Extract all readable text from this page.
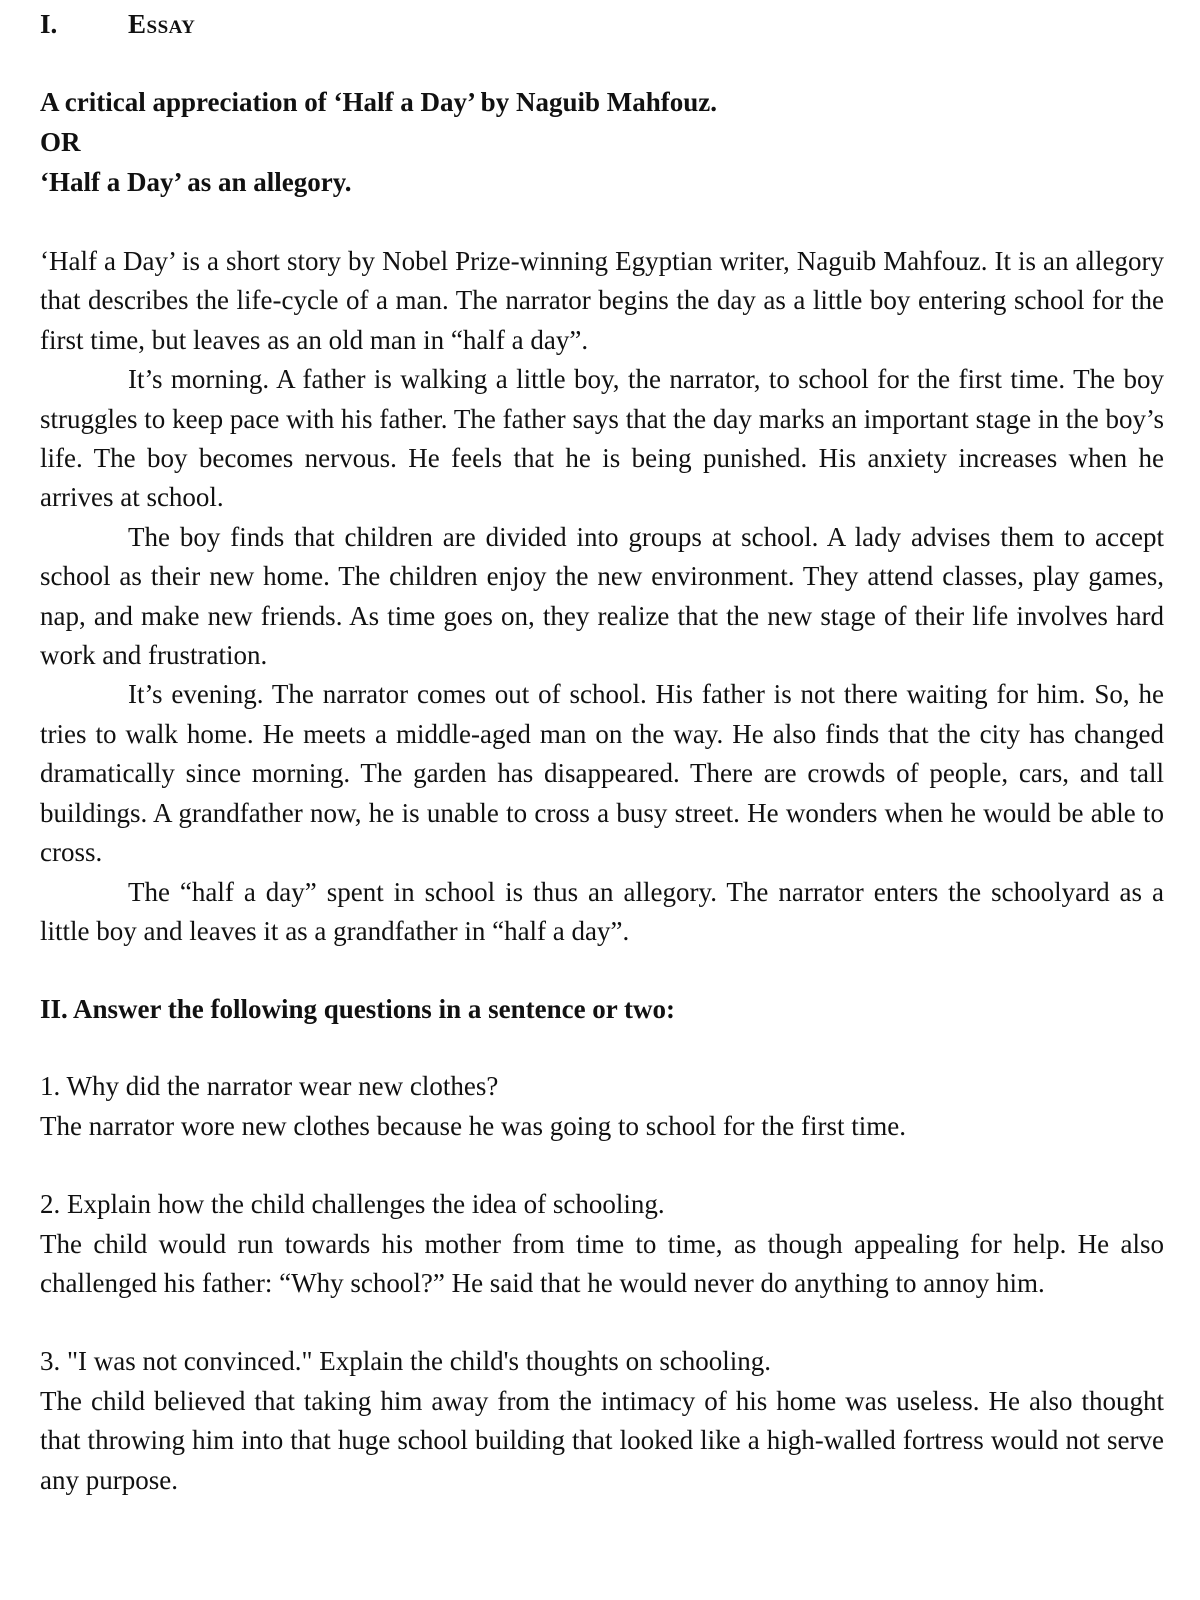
I.	Essay
A critical appreciation of ‘Half a Day’ by Naguib Mahfouz.
OR
‘Half a Day’ as an allegory.

‘Half a Day’ is a short story by Nobel Prize-winning Egyptian writer, Naguib Mahfouz. It is an allegory that describes the life-cycle of a man. The narrator begins the day as a little boy entering school for the first time, but leaves as an old man in “half a day”.

It’s morning. A father is walking a little boy, the narrator, to school for the first time. The boy struggles to keep pace with his father. The father says that the day marks an important stage in the boy’s life. The boy becomes nervous. He feels that he is being punished. His anxiety increases when he arrives at school.

The boy finds that children are divided into groups at school. A lady advises them to accept school as their new home. The children enjoy the new environment. They attend classes, play games, nap, and make new friends. As time goes on, they realize that the new stage of their life involves hard work and frustration.

It’s evening. The narrator comes out of school. His father is not there waiting for him. So, he tries to walk home. He meets a middle-aged man on the way. He also finds that the city has changed dramatically since morning. The garden has disappeared. There are crowds of people, cars, and tall buildings. A grandfather now, he is unable to cross a busy street. He wonders when he would be able to cross.

The “half a day” spent in school is thus an allegory. The narrator enters the schoolyard as a little boy and leaves it as a grandfather in “half a day”.

II. Answer the following questions in a sentence or two:

1. Why did the narrator wear new clothes?

The narrator wore new clothes because he was going to school for the first time.

2. Explain how the child challenges the idea of schooling.

The child would run towards his mother from time to time, as though appealing for help. He also challenged his father: “Why school?” He said that he would never do anything to annoy him.

3. "I was not convinced." Explain the child's thoughts on schooling.

The child believed that taking him away from the intimacy of his home was useless. He also thought that throwing him into that huge school building that looked like a high-walled fortress would not serve any purpose.
